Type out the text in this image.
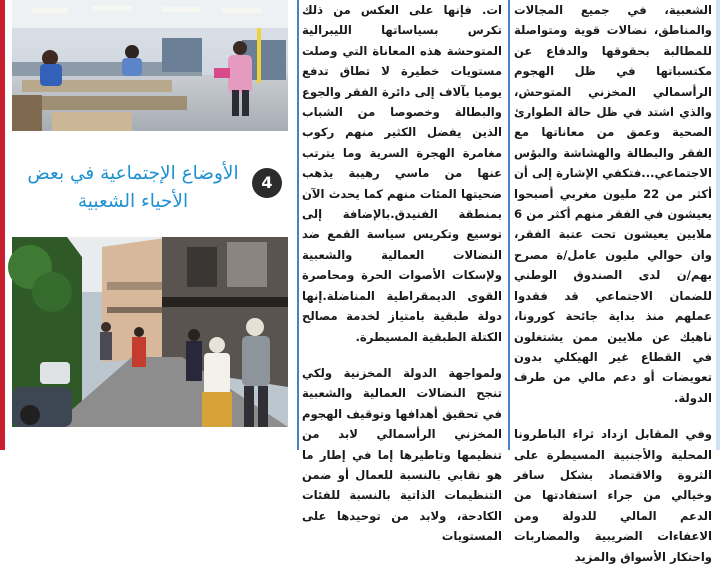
الأوضاع الإجتماعية في بعض الأحياء الشعبية
4

ات. فإنها على العكس من ذلك تكرس بسياساتها الليبرالية المتوحشة هذه المعاناة التي وصلت مستويات خطيرة لا تطاق تدفع يوميا بآلاف إلى دائرة الفقر والجوع والبطالة وخصوصا من الشباب الذين يفضل الكثير منهم ركوب مغامرة الهجرة السرية وما يترتب عنها من ماسي رهيبة يذهب ضحيتها المئات منهم كما يحدث الآن بمنطقة الفنيدق.بالإضافة إلى توسيع وتكريس سياسة القمع ضد النضالات العمالية والشعبية ولإسكات الأصوات الحرة ومحاصرة القوى الديمقراطية المناضلة.إنها دولة طبقية بامتياز لخدمة مصالح الكتلة الطبقية المسيطرة.

ولمواجهة الدولة المخزنية ولكي تنجح النضالات العمالية والشعبية في تحقيق أهدافها وتوقيف الهجوم المخزني الرأسمالي لابد من تنظيمها وتاطيرها إما في إطار ما هو نقابي بالنسبة للعمال أو ضمن التنظيمات الذاتية بالنسبة للفئات الكادحة، ولابد من توحيدها على المستويات

الشعبية، في جميع المجالات والمناطق، نضالات قوية ومتواصلة للمطالبة بحقوقها والدفاع عن مكتسباتها في ظل الهجوم الرأسمالي المخزني المتوحش، والذي اشتد في ظل حالة الطوارئ الصحية وعمق من معاناتها مع الفقر والبطالة والهشاشة والبؤس الاجتماعي...فتكفي الإشارة إلى أن أكثر من 22 مليون مغربي أصبحوا يعيشون في الفقر منهم أكثر من 6 ملايين يعيشون تحت عتبة الفقر، وان حوالي مليون عامل/ة مصرح بهم/ن لدى الصندوق الوطني للضمان الاجتماعي قد فقدوا عملهم منذ بداية جائحة كورونا، ناهيك عن ملايين ممن يشتغلون في القطاع غير الهيكلي بدون تعويضات أو دعم مالي من طرف الدولة.

وفي المقابل ازداد ثراء الباطرونا المحلية والأجنبية المسيطرة على الثروة والاقتصاد بشكل سافر وخيالي من جراء استفادتها من الدعم المالي للدولة ومن الاعفاءات الضريبية والمضاربات واحتكار الأسواق والمزيد
